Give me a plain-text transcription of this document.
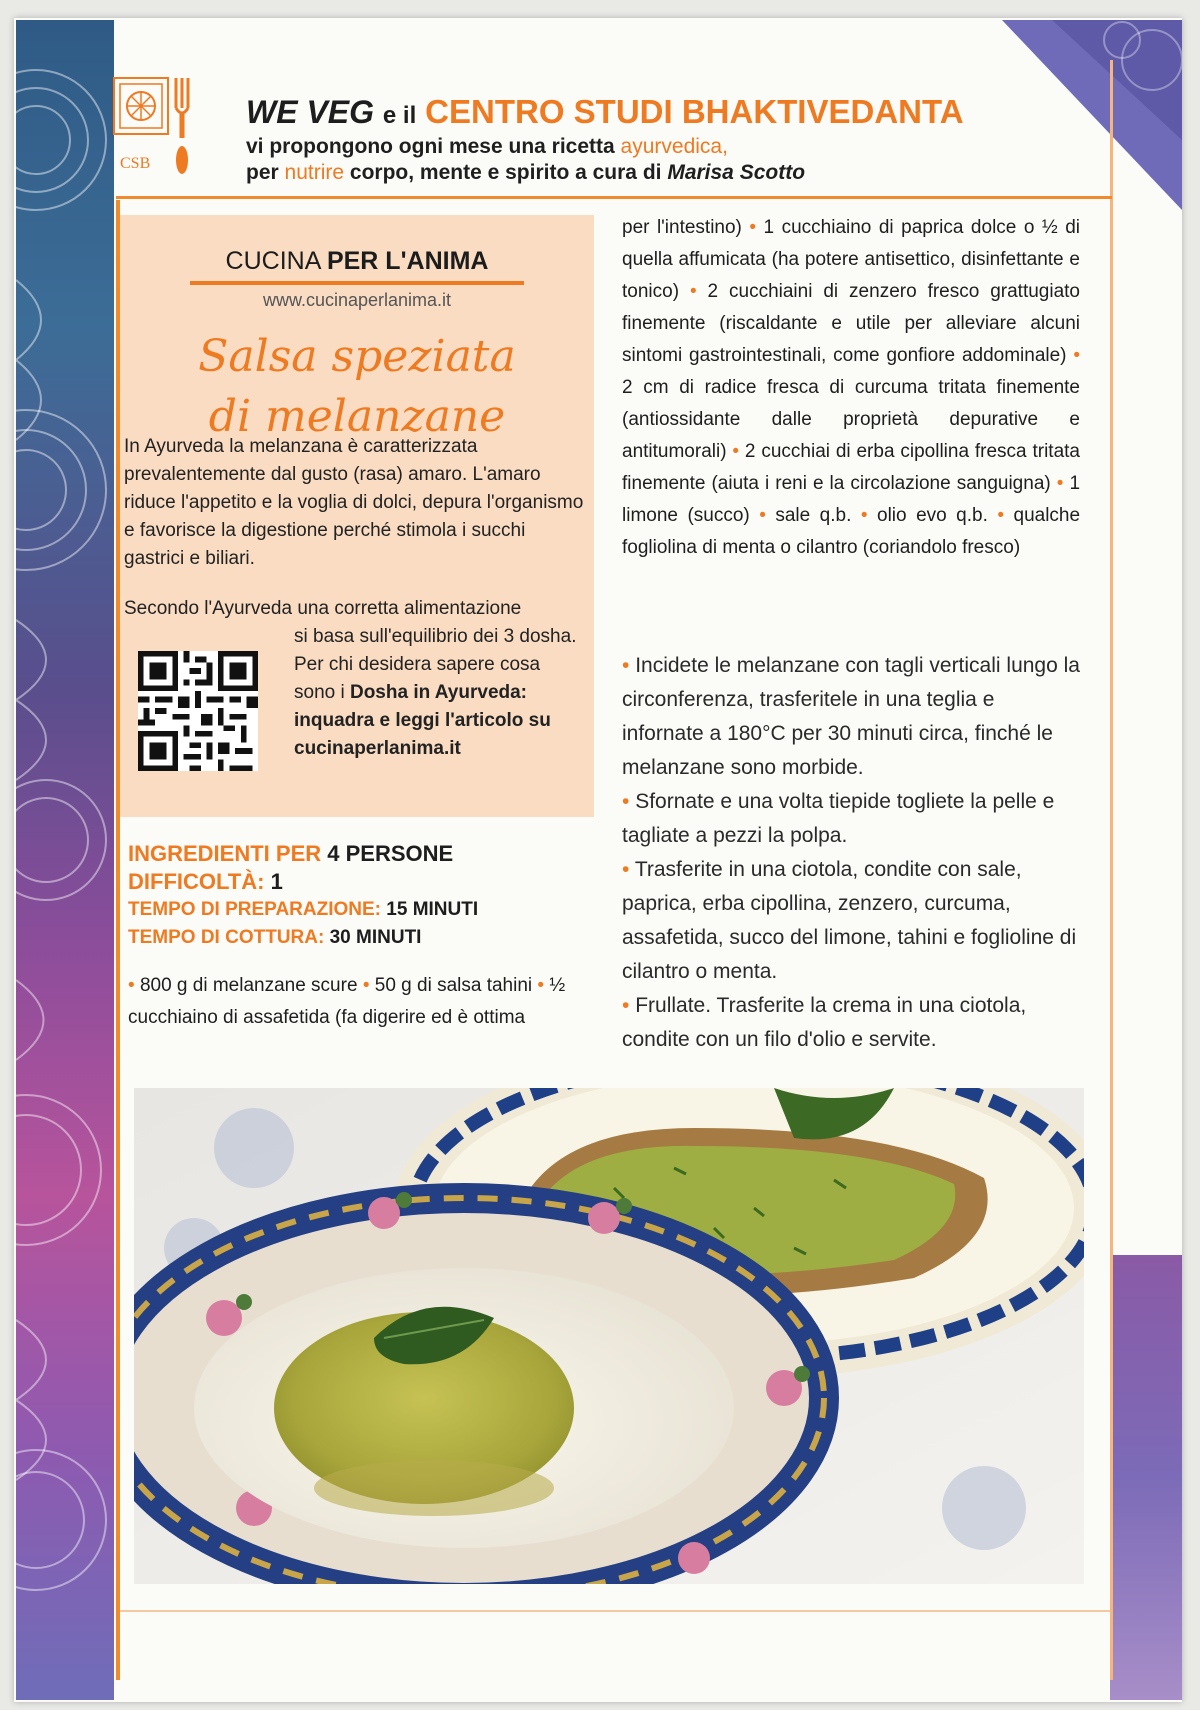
CSB
WE VEG e il CENTRO STUDI BHAKTIVEDANTA
vi propongono ogni mese una ricetta ayurvedica,
per nutrire corpo, mente e spirito a cura di Marisa Scotto
CUCINA PER L'ANIMA
www.cucinaperlanima.it
Salsa speziata
di melanzane
In Ayurveda la melanzana è caratterizzata prevalentemente dal gusto (rasa) amaro. L'amaro riduce l'appetito e la voglia di dolci, depura l'organismo e favorisce la digestione perché stimola i succhi gastrici e biliari.
Secondo l'Ayurveda una corretta alimentazione
si basa sull'equilibrio dei 3 dosha. Per chi desidera sapere cosa sono i Dosha in Ayurveda: inquadra e leggi l'articolo su cucinaperlanima.it
INGREDIENTI PER 4 PERSONE
DIFFICOLTÀ: 1
TEMPO DI PREPARAZIONE: 15 MINUTI
TEMPO DI COTTURA: 30 MINUTI
• 800 g di melanzane scure • 50 g di salsa tahini • ½ cucchiaino di assafetida (fa digerire ed è ottima
per l'intestino) • 1 cucchiaino di paprica dolce o ½ di quella affumicata (ha potere antisettico, disinfettante e tonico) • 2 cucchiaini di zenzero fresco grattugiato finemente (riscaldante e utile per alleviare alcuni sintomi gastrointestinali, come gonfiore addominale) • 2 cm di radice fresca di curcuma tritata finemente (antiossidante dalle proprietà depurative e antitumorali) • 2 cucchiai di erba cipollina fresca tritata finemente (aiuta i reni e la circolazione sanguigna) • 1 limone (succo) • sale q.b. • olio evo q.b. • qualche fogliolina di menta o cilantro (coriandolo fresco)

• Incidete le melanzane con tagli verticali lungo la circonferenza, trasferitele in una teglia e infornate a 180°C per 30 minuti circa, finché le melanzane sono morbide.

• Sfornate e una volta tiepide togliete la pelle e tagliate a pezzi la polpa.

• Trasferite in una ciotola, condite con sale, paprica, erba cipollina, zenzero, curcuma, assafetida, succo del limone, tahini e foglioline di cilantro o menta.

• Frullate. Trasferite la crema in una ciotola, condite con un filo d'olio e servite.
